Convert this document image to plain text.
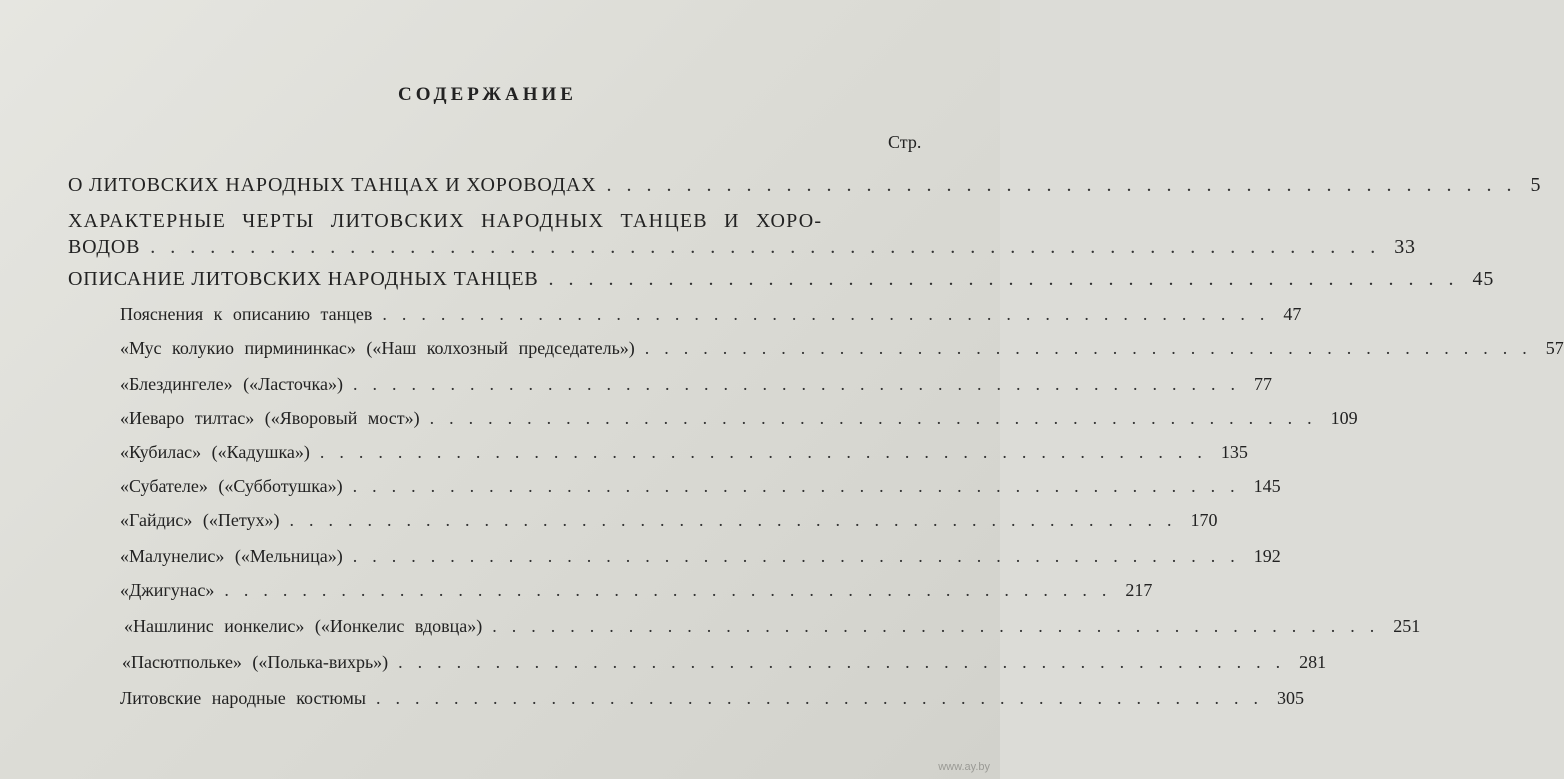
СОДЕРЖАНИЕ
Стр.
О ЛИТОВСКИХ НАРОДНЫХ ТАНЦАХ И ХОРОВОДАХ .............................................. 5
ХАРАКТЕРНЫЕ ЧЕРТЫ ЛИТОВСКИХ НАРОДНЫХ ТАНЦЕВ И ХОРО-
ВОДОВ .............................................................. 33
ОПИСАНИЕ ЛИТОВСКИХ НАРОДНЫХ ТАНЦЕВ .............................................. 45
Пояснения к описанию танцев .............................................. 47
«Мус колукио пирмининкас» («Наш колхозный председатель») .............................................. 57
«Блездингеле» («Ласточка») .............................................. 77
«Иеваро тилтас» («Яворовый мост») .............................................. 109
«Кубилас» («Кадушка») .............................................. 135
«Субателе» («Субботушка») .............................................. 145
«Гайдис» («Петух») .............................................. 170
«Малунелис» («Мельница») .............................................. 192
«Джигунас» .............................................. 217
«Нашлинис ионкелис» («Ионкелис вдовца») .............................................. 251
«Пасютпольке» («Полька-вихрь») .............................................. 281
Литовские народные костюмы .............................................. 305
www.ay.by
